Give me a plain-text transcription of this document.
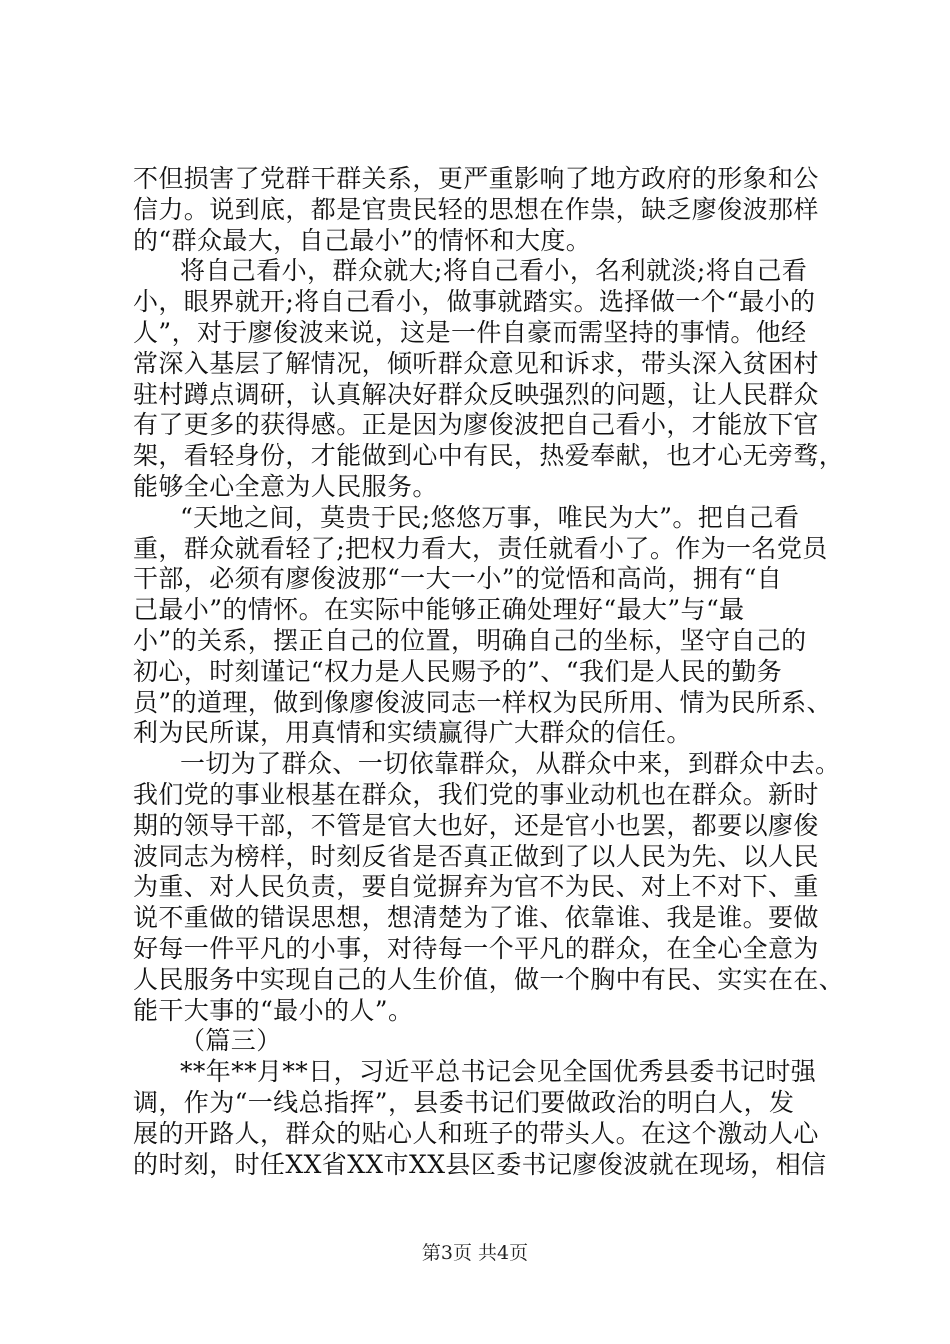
不但损害了党群干群关系，更严重影响了地方政府的形象和公
信力。说到底，都是官贵民轻的思想在作祟，缺乏廖俊波那样
的“群众最大，自己最小”的情怀和大度。
将自己看小，群众就大;将自己看小，名利就淡;将自己看
小，眼界就开;将自己看小，做事就踏实。选择做一个“最小的
人”，对于廖俊波来说，这是一件自豪而需坚持的事情。他经
常深入基层了解情况，倾听群众意见和诉求，带头深入贫困村
驻村蹲点调研，认真解决好群众反映强烈的问题，让人民群众
有了更多的获得感。正是因为廖俊波把自己看小，才能放下官
架，看轻身份，才能做到心中有民，热爱奉献，也才心无旁骛，
能够全心全意为人民服务。
“天地之间，莫贵于民;悠悠万事，唯民为大”。把自己看
重，群众就看轻了;把权力看大，责任就看小了。作为一名党员
干部，必须有廖俊波那“一大一小”的觉悟和高尚，拥有“自
己最小”的情怀。在实际中能够正确处理好“最大”与“最
小”的关系，摆正自己的位置，明确自己的坐标，坚守自己的
初心，时刻谨记“权力是人民赐予的”、“我们是人民的勤务
员”的道理，做到像廖俊波同志一样权为民所用、情为民所系、
利为民所谋，用真情和实绩赢得广大群众的信任。
一切为了群众、一切依靠群众，从群众中来，到群众中去。
我们党的事业根基在群众，我们党的事业动机也在群众。新时
期的领导干部，不管是官大也好，还是官小也罢，都要以廖俊
波同志为榜样，时刻反省是否真正做到了以人民为先、以人民
为重、对人民负责，要自觉摒弃为官不为民、对上不对下、重
说不重做的错误思想，想清楚为了谁、依靠谁、我是谁。要做
好每一件平凡的小事，对待每一个平凡的群众，在全心全意为
人民服务中实现自己的人生价值，做一个胸中有民、实实在在、
能干大事的“最小的人”。
（篇三）
**年**月**日，习近平总书记会见全国优秀县委书记时强
调，作为“一线总指挥”，县委书记们要做政治的明白人，发
展的开路人，群众的贴心人和班子的带头人。在这个激动人心
的时刻，时任XX省XX市XX县区委书记廖俊波就在现场，相信
第3页 共4页
